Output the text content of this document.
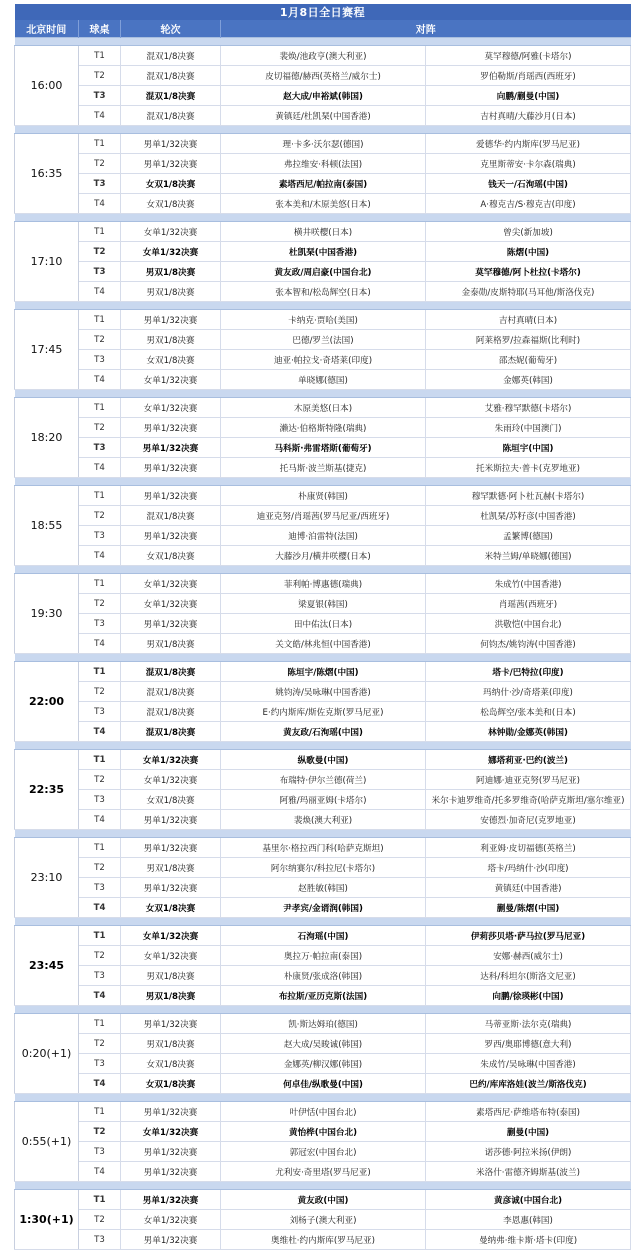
1月8日全日赛程				
北京时间	球桌	轮次	对阵	

16:00	T1	混双1/8决赛	裴焕/池政亨(澳大利亚)	莫罕穆德/阿雅(卡塔尔)
	T2	混双1/8决赛	皮切福德/赫西(英格兰/威尔士)	罗伯勒斯/肖瑶西(西班牙)
	T3	混双1/8决赛	赵大成/申裕斌(韩国)	向鹏/蒯曼(中国)
	T4	混双1/8决赛	黄镇廷/杜凯琹(中国香港)	吉村真晴/大藤沙月(日本)

16:35	T1	男单1/32决赛	理·卡多·沃尔瑟(德国)	爱德华·约内斯库(罗马尼亚)
	T2	男单1/32决赛	弗拉维安·科顿(法国)	克里斯蒂安·卡尔森(瑞典)
	T3	女双1/8决赛	素塔西尼/帕拉南(泰国)	钱天一/石洵瑶(中国)
	T4	女双1/8决赛	张本美和/木原美悠(日本)	A·穆克吉/S·穆克吉(印度)

17:10	T1	女单1/32决赛	横井咲樱(日本)	曾尖(新加坡)
	T2	女单1/32决赛	杜凯琹(中国香港)	陈熠(中国)
	T3	男双1/8决赛	黄友政/周启豪(中国台北)	莫罕穆德/阿卜杜拉(卡塔尔)
	T4	男双1/8决赛	张本智和/松岛辉空(日本)	金泰勋/皮斯特耶(马耳他/斯洛伐克)

17:45	T1	男单1/32决赛	卡纳克·贾哈(美国)	吉村真晴(日本)
	T2	男双1/8决赛	巴德/罗兰(法国)	阿莱格罗/拉森福斯(比利时)
	T3	女双1/8决赛	迪亚·帕拉戈·奇塔莱(印度)	邵杰妮(葡萄牙)
	T4	女单1/32决赛	单晓娜(德国)	金娜英(韩国)

18:20	T1	女单1/32决赛	木原美悠(日本)	艾雅·穆罕默德(卡塔尔)
	T2	男单1/32决赛	濑达·伯格斯特隆(瑞典)	朱雨玲(中国澳门)
	T3	男单1/32决赛	马科斯·弗雷塔斯(葡萄牙)	陈垣宇(中国)
	T4	男单1/32决赛	托马斯·波兰斯基(捷克)	托米斯拉夫·普卡(克罗地亚)

18:55	T1	男单1/32决赛	朴康贤(韩国)	穆罕默德·阿卜杜瓦赫(卡塔尔)
	T2	混双1/8决赛	迪亚克努/肖瑶茜(罗马尼亚/西班牙)	杜凯琹/苏籽彦(中国香港)
	T3	男单1/32决赛	迪博·泊雷特(法国)	孟繁博(德国)
	T4	女双1/8决赛	大藤沙月/横井咲樱(日本)	米特兰姆/单晓娜(德国)

19:30	T1	女单1/32决赛	菲利帕·博惠德(瑞典)	朱成竹(中国香港)
	T2	女单1/32决赛	梁夏银(韩国)	肖瑶茜(西班牙)
	T3	男单1/32决赛	田中佑汰(日本)	洪敬恺(中国台北)
	T4	男双1/8决赛	关文皓/林兆恒(中国香港)	何钧杰/姚钧涛(中国香港)

22:00	T1	混双1/8决赛	陈垣宇/陈熠(中国)	塔卡/巴特拉(印度)
	T2	混双1/8决赛	姚钧涛/吴咏琳(中国香港)	玛纳什·沙/奇塔莱(印度)
	T3	混双1/8决赛	E·约内斯库/斯佐克斯(罗马尼亚)	松岛辉空/张本美和(日本)
	T4	混双1/8决赛	黄友政/石洵瑶(中国)	林钟勋/金娜英(韩国)

22:35	T1	女单1/32决赛	纵歌曼(中国)	娜塔莉亚·巴约(波兰)
	T2	女单1/32决赛	布瑞特·伊尔兰德(荷兰)	阿迪娜·迪亚克努(罗马尼亚)
	T3	女双1/8决赛	阿雅/玛丽亚姆(卡塔尔)	米尔卡迪罗维奇/托多罗维奇(哈萨克斯坦/塞尔维亚)
	T4	男单1/32决赛	裴焕(澳大利亚)	安德烈·加奇尼(克罗地亚)

23:10	T1	男单1/32决赛	基里尔·格拉西门科(哈萨克斯坦)	利亚姆·皮切福德(英格兰)
	T2	男双1/8决赛	阿尔纳赛尔/科拉尼(卡塔尔)	塔卡/玛纳什·沙(印度)
	T3	男单1/32决赛	赵胜敏(韩国)	黄镇廷(中国香港)
	T4	女双1/8决赛	尹孝宾/金谞润(韩国)	蒯曼/陈熠(中国)

23:45	T1	女单1/32决赛	石洵瑶(中国)	伊莉莎贝塔·萨马拉(罗马尼亚)
	T2	女单1/32决赛	奥拉万·帕拉南(泰国)	安娜·赫西(威尔士)
	T3	男双1/8决赛	朴康贤/张成洛(韩国)	达科/科坦尔(斯洛文尼亚)
	T4	男双1/8决赛	布拉斯/亚历克斯(法国)	向鹏/徐瑛彬(中国)

0:20(+1)	T1	男单1/32决赛	凯·斯达姆珀(德国)	马蒂亚斯·法尔克(瑞典)
	T2	男双1/8决赛	赵大成/吴晙诚(韩国)	罗西/奥耶博德(意大利)
	T3	女双1/8决赛	金娜英/柳汉娜(韩国)	朱成竹/吴咏琳(中国香港)
	T4	女双1/8决赛	何卓佳/纵歌曼(中国)	巴约/库库洛娃(波兰/斯洛伐克)

0:55(+1)	T1	男单1/32决赛	叶伊恬(中国台北)	素塔西尼·萨维塔布特(泰国)
	T2	女单1/32决赛	黄怡桦(中国台北)	蒯曼(中国)
	T3	男单1/32决赛	郭冠宏(中国台北)	诺莎德·阿拉米扬(伊朗)
	T4	男单1/32决赛	尤利安·奇里塔(罗马尼亚)	米洛什·雷德齐姆斯基(波兰)

1:30(+1)	T1	男单1/32决赛	黄友政(中国)	黄彦诚(中国台北)
	T2	女单1/32决赛	刘杨子(澳大利亚)	李恩惠(韩国)
	T3	男单1/32决赛	奥维杜·约内斯库(罗马尼亚)	曼纳弗·维卡斯·塔卡(印度)
